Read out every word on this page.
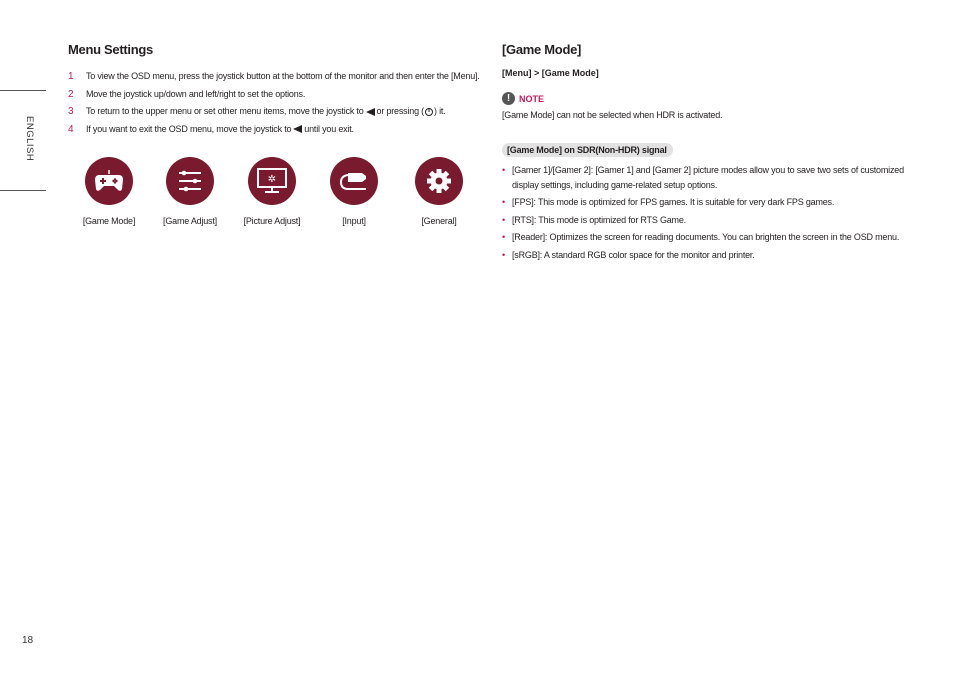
ENGLISH
18
Menu Settings
1	To view the OSD menu, press the joystick button at the bottom of the monitor and then enter the [Menu].
2	Move the joystick up/down and left/right to set the options.
3	To return to the upper menu or set other menu items, move the joystick to or pressing ( ) it.
4	If you want to exit the OSD menu, move the joystick to until you exit.
[Game Mode]	[Game Adjust]
✲
[Picture Adjust]	[Input]	[General]
[Game Mode]
[Menu] > [Game Mode]
! NOTE
[Game Mode] can not be selected when HDR is activated.
[Game Mode] on SDR(Non-HDR) signal
• [Gamer 1]/[Gamer 2]: [Gamer 1] and [Gamer 2] picture modes allow you to save two sets of customized display settings, including game-related setup options.
• [FPS]: This mode is optimized for FPS games. It is suitable for very dark FPS games.
• [RTS]: This mode is optimized for RTS Game.
• [Reader]: Optimizes the screen for reading documents. You can brighten the screen in the OSD menu.
• [sRGB]: A standard RGB color space for the monitor and printer.
